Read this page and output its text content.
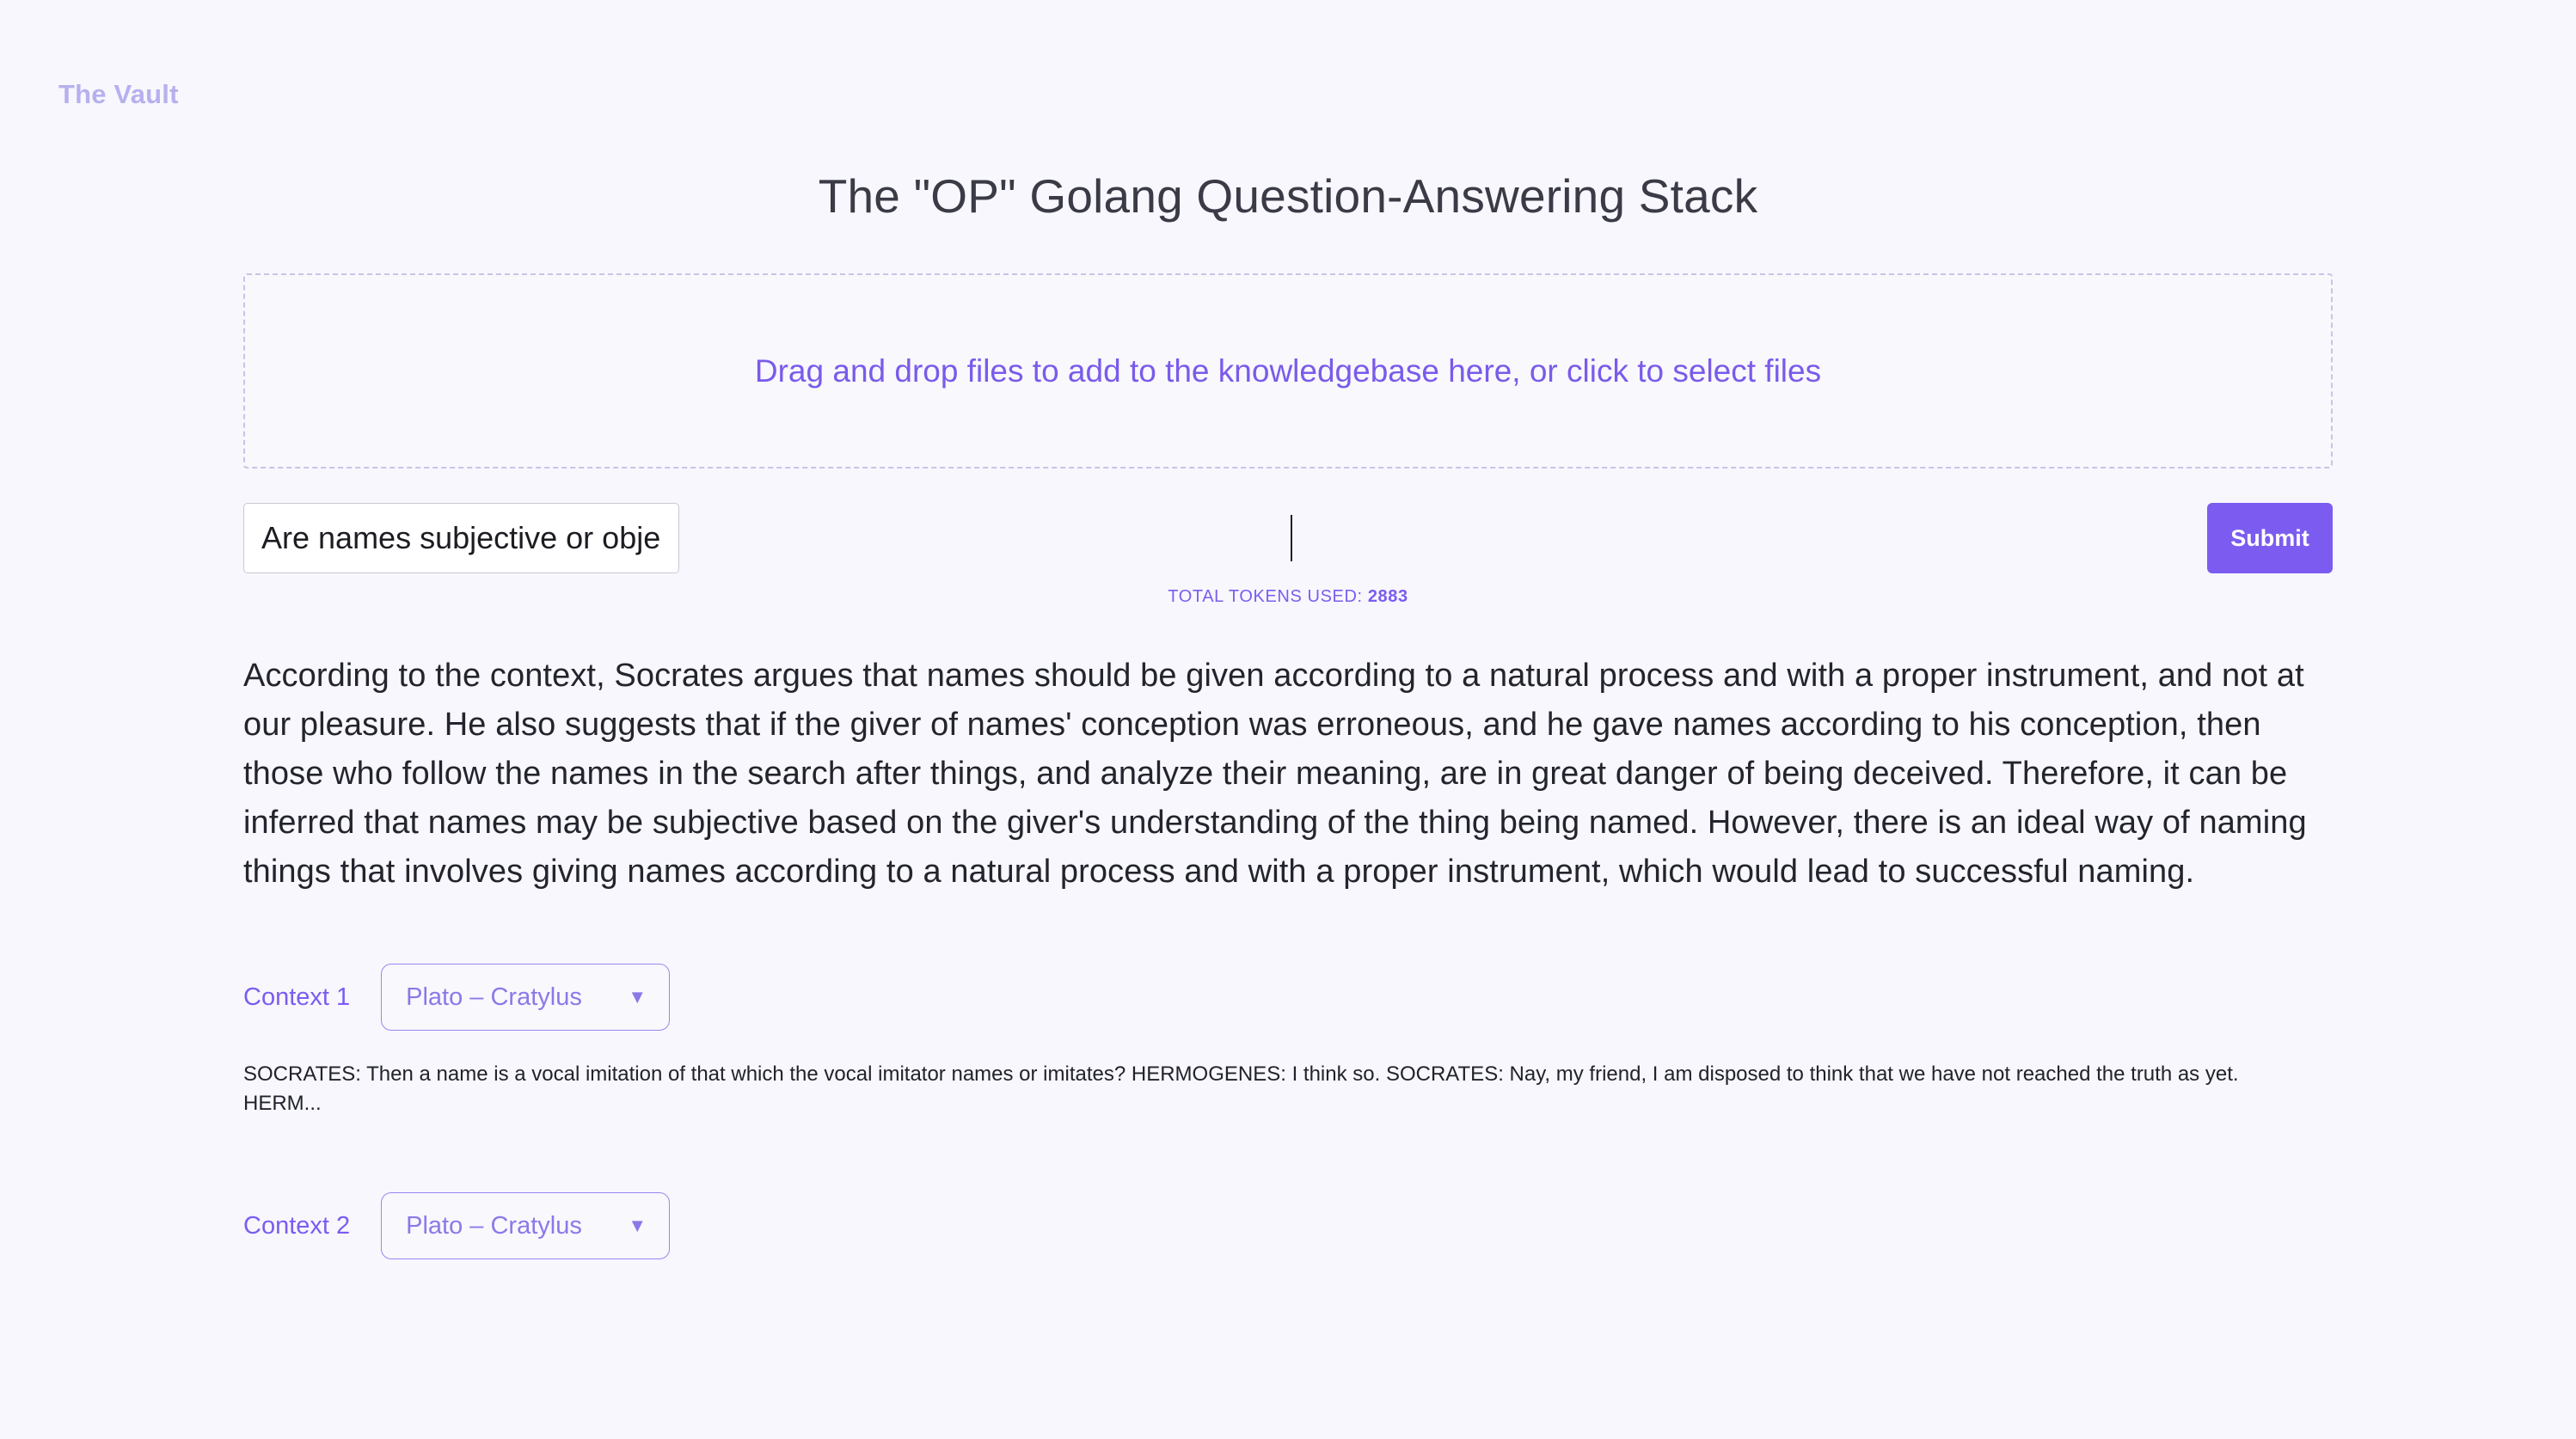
The Vault
The "OP" Golang Question-Answering Stack
Drag and drop files to add to the knowledgebase here, or click to select files
Are names subjective or objective? Is there such a thing as an ideal name?
Submit
TOTAL TOKENS USED: 2883
According to the context, Socrates argues that names should be given according to a natural process and with a proper instrument, and not at our pleasure. He also suggests that if the giver of names' conception was erroneous, and he gave names according to his conception, then those who follow the names in the search after things, and analyze their meaning, are in great danger of being deceived. Therefore, it can be inferred that names may be subjective based on the giver's understanding of the thing being named. However, there is an ideal way of naming things that involves giving names according to a natural process and with a proper instrument, which would lead to successful naming.
Context 1 Plato – Cratylus ▼
SOCRATES: Then a name is a vocal imitation of that which the vocal imitator names or imitates? HERMOGENES: I think so. SOCRATES: Nay, my friend, I am disposed to think that we have not reached the truth as yet. HERM...
Context 2 Plato – Cratylus ▼
